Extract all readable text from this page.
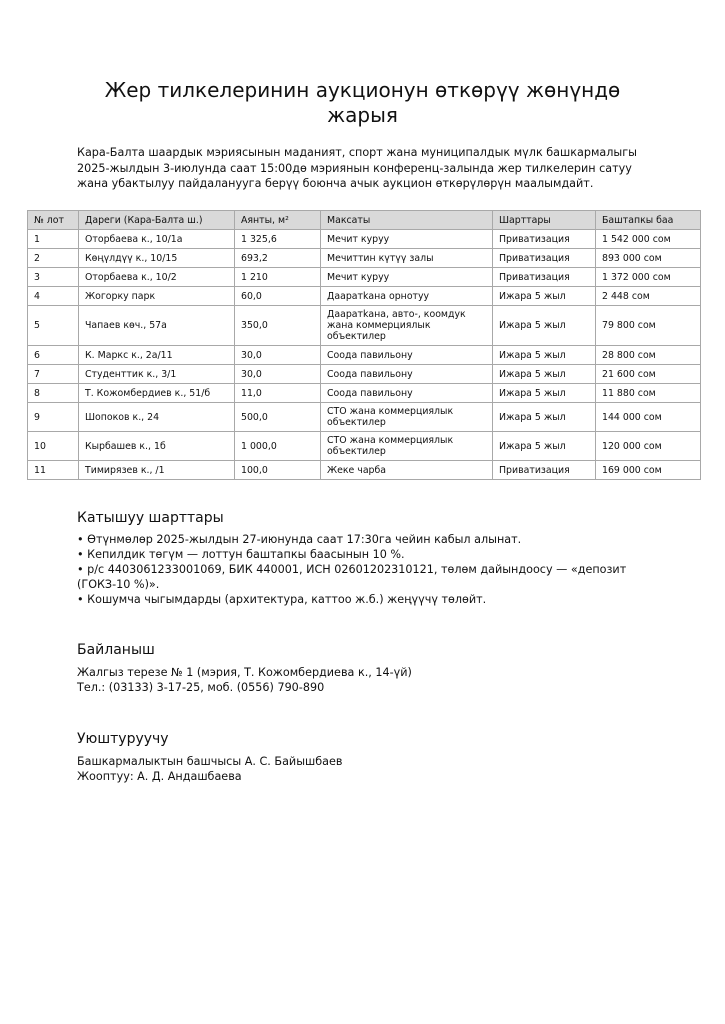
Жер тилкелеринин аукционун өткөрүү жөнүндө жарыя

Кара-Балта шаардык мэриясынын маданият, спорт жана муниципалдык мүлк башкармалыгы 2025-жылдын 3-июлунда саат 15:00дө мэриянын конференц-залында жер тилкелерин сатуу жана убактылуу пайдаланууга берүү боюнча ачык аукцион өткөрүлөрүн маалымдайт.

№ лот	Дареги (Кара-Балта ш.)	Аянты, м²	Максаты	Шарттары	Баштапкы баа
1	Оторбаева к., 10/1а	1 325,6	Мечит куруу	Приватизация	1 542 000 сом
2	Көңүлдүү к., 10/15	693,2	Мечиттин күтүү залы	Приватизация	893 000 сом
3	Оторбаева к., 10/2	1 210	Мечит куруу	Приватизация	1 372 000 сом
4	Жогорку парк	60,0	Дааратkана орнотуу	Ижара 5 жыл	2 448 сом
5	Чапаев көч., 57а	350,0	Дааратkана, авто-, коомдук жана коммерциялык объектилер	Ижара 5 жыл	79 800 сом
6	К. Маркс к., 2а/11	30,0	Соода павильону	Ижара 5 жыл	28 800 сом
7	Студенттик к., 3/1	30,0	Соода павильону	Ижара 5 жыл	21 600 сом
8	Т. Кожомбердиев к., 51/б	11,0	Соода павильону	Ижара 5 жыл	11 880 сом
9	Шопоков к., 24	500,0	СТО жана коммерциялык объектилер	Ижара 5 жыл	144 000 сом
10	Кырбашев к., 1б	1 000,0	СТО жана коммерциялык объектилер	Ижара 5 жыл	120 000 сом
11	Тимирязев к., /1	100,0	Жеке чарба	Приватизация	169 000 сом
Катышуу шарттары
• Өтүнмөлөр 2025-жылдын 27-июнунда саат 17:30га чейин кабыл алынат.
• Кепилдик төгүм — лоттун баштапкы баасынын 10 %.
• р/с 4403061233001069, БИК 440001, ИСН 02601202310121, төлөм дайындоосу — «депозит (ГОКЗ-10 %)».
• Кошумча чыгымдарды (архитектура, каттоо ж.б.) жеңүүчү төлөйт.
Байланыш
Жалгыз терезе № 1 (мэрия, Т. Кожомбердиева к., 14-үй)
Тел.: (03133) 3-17-25, моб. (0556) 790-890
Уюштуруучу
Башкармалыктын башчысы А. С. Байышбаев
Жооптуу: А. Д. Андашбаева
